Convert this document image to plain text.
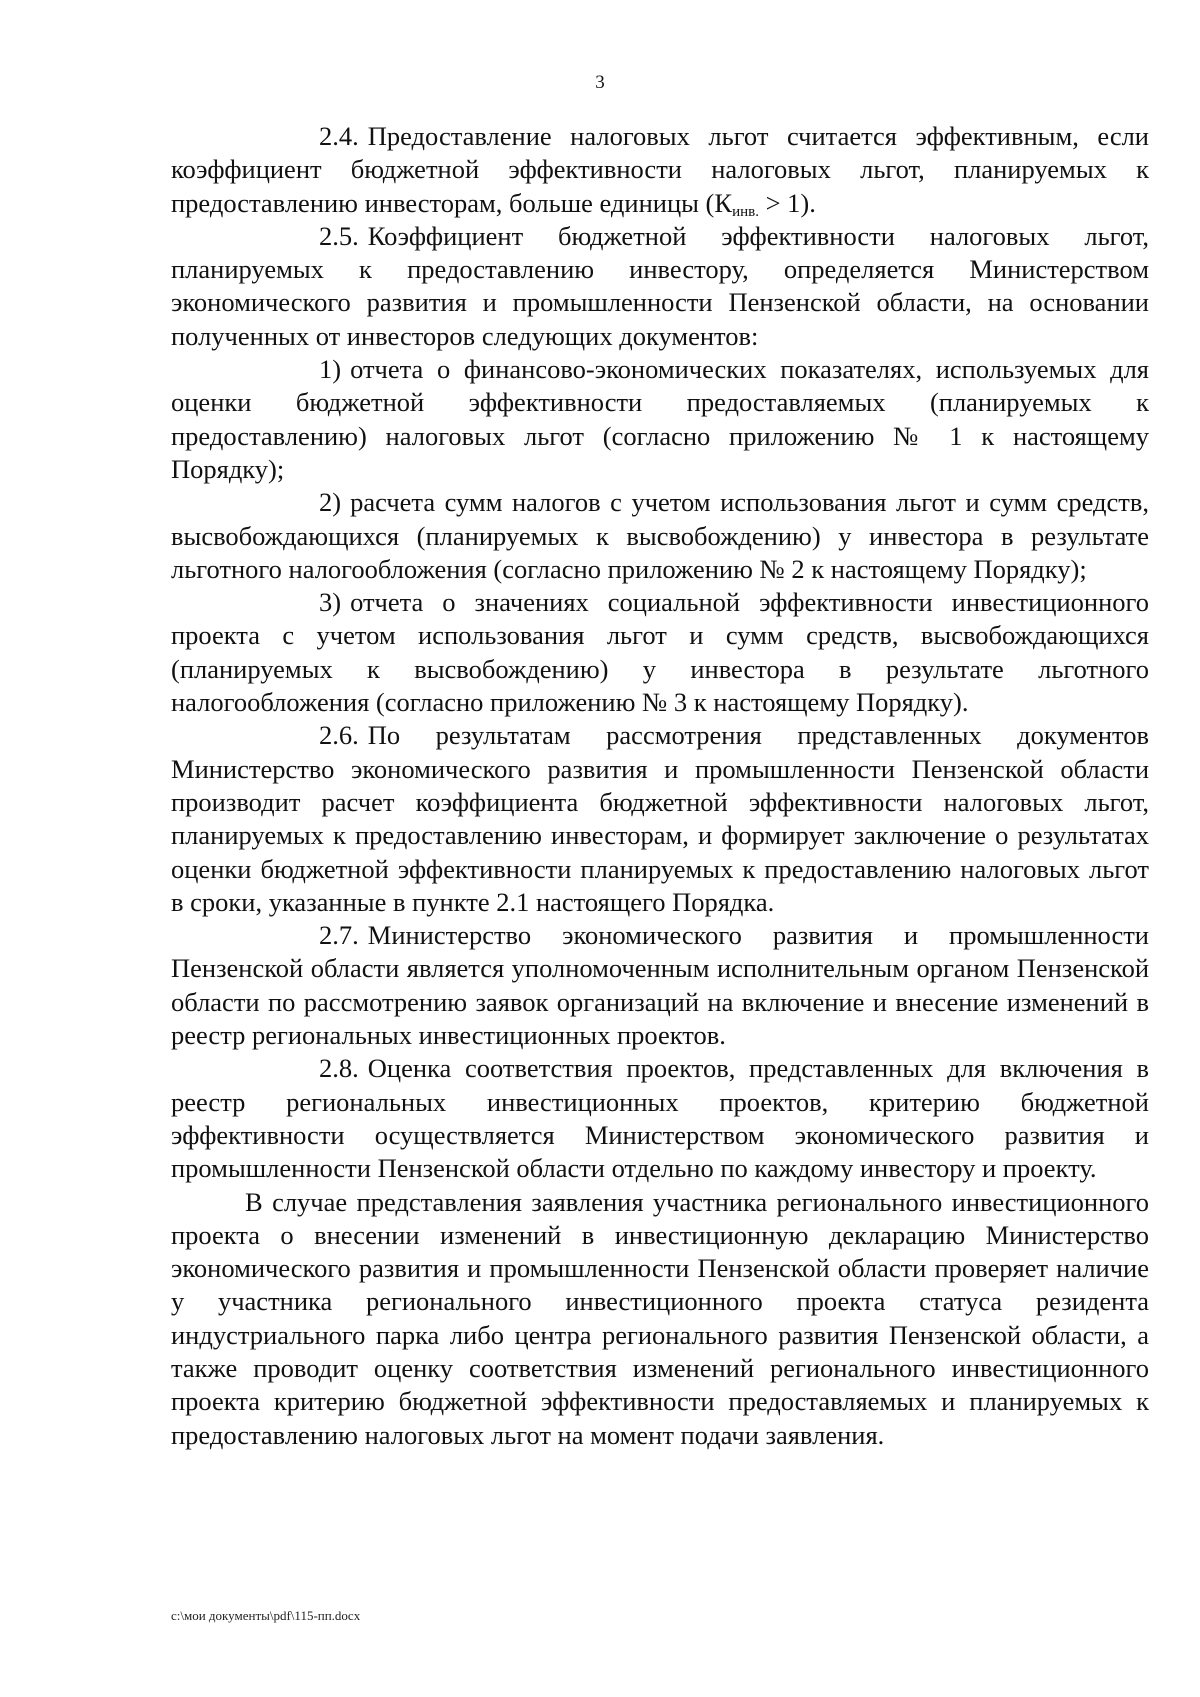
3

2.4. Предоставление налоговых льгот считается эффективным, если коэффициент бюджетной эффективности налоговых льгот, планируемых к предоставлению инвесторам, больше единицы $(К_{инв.} > 1)$.

2.5. Коэффициент бюджетной эффективности налоговых льгот, планируемых к предоставлению инвестору, определяется Министерством экономического развития и промышленности Пензенской области, на основании полученных от инвесторов следующих документов:

1) отчета о финансово-экономических показателях, используемых для оценки бюджетной эффективности предоставляемых (планируемых к предоставлению) налоговых льгот (согласно приложению № 1 к настоящему Порядку);

2) расчета сумм налогов с учетом использования льгот и сумм средств, высвобождающихся (планируемых к высвобождению) у инвестора в результате льготного налогообложения (согласно приложению № 2 к настоящему Порядку);

3) отчета о значениях социальной эффективности инвестиционного проекта с учетом использования льгот и сумм средств, высвобождающихся (планируемых к высвобождению) у инвестора в результате льготного налогообложения (согласно приложению № 3 к настоящему Порядку).

2.6. По результатам рассмотрения представленных документов Министерство экономического развития и промышленности Пензенской области производит расчет коэффициента бюджетной эффективности налоговых льгот, планируемых к предоставлению инвесторам, и формирует заключение о результатах оценки бюджетной эффективности планируемых к предоставлению налоговых льгот в сроки, указанные в пункте 2.1 настоящего Порядка.

2.7. Министерство экономического развития и промышленности Пензенской области является уполномоченным исполнительным органом Пензенской области по рассмотрению заявок организаций на включение и внесение изменений в реестр региональных инвестиционных проектов.

2.8. Оценка соответствия проектов, представленных для включения в реестр региональных инвестиционных проектов, критерию бюджетной эффективности осуществляется Министерством экономического развития и промышленности Пензенской области отдельно по каждому инвестору и проекту.

В случае представления заявления участника регионального инвестиционного проекта о внесении изменений в инвестиционную декларацию Министерство экономического развития и промышленности Пензенской области проверяет наличие у участника регионального инвестиционного проекта статуса резидента индустриального парка либо центра регионального развития Пензенской области, а также проводит оценку соответствия изменений регионального инвестиционного проекта критерию бюджетной эффективности предоставляемых и планируемых к предоставлению налоговых льгот на момент подачи заявления.

c:\мои документы\pdf\115-пп.docx
